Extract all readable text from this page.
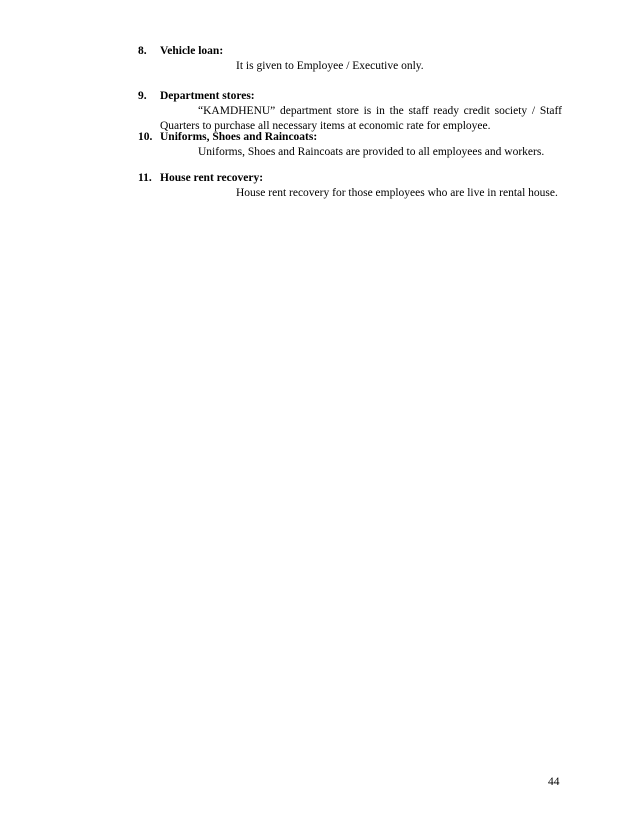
8. Vehicle loan:
It is given to Employee / Executive only.
9. Department stores:
“KAMDHENU” department store is in the staff ready credit society / Staff Quarters to purchase all necessary items at economic rate for employee.
10. Uniforms, Shoes and Raincoats:
Uniforms, Shoes and Raincoats are provided to all employees and workers.
11. House rent recovery:
House rent recovery for those employees who are live in rental house.
44
